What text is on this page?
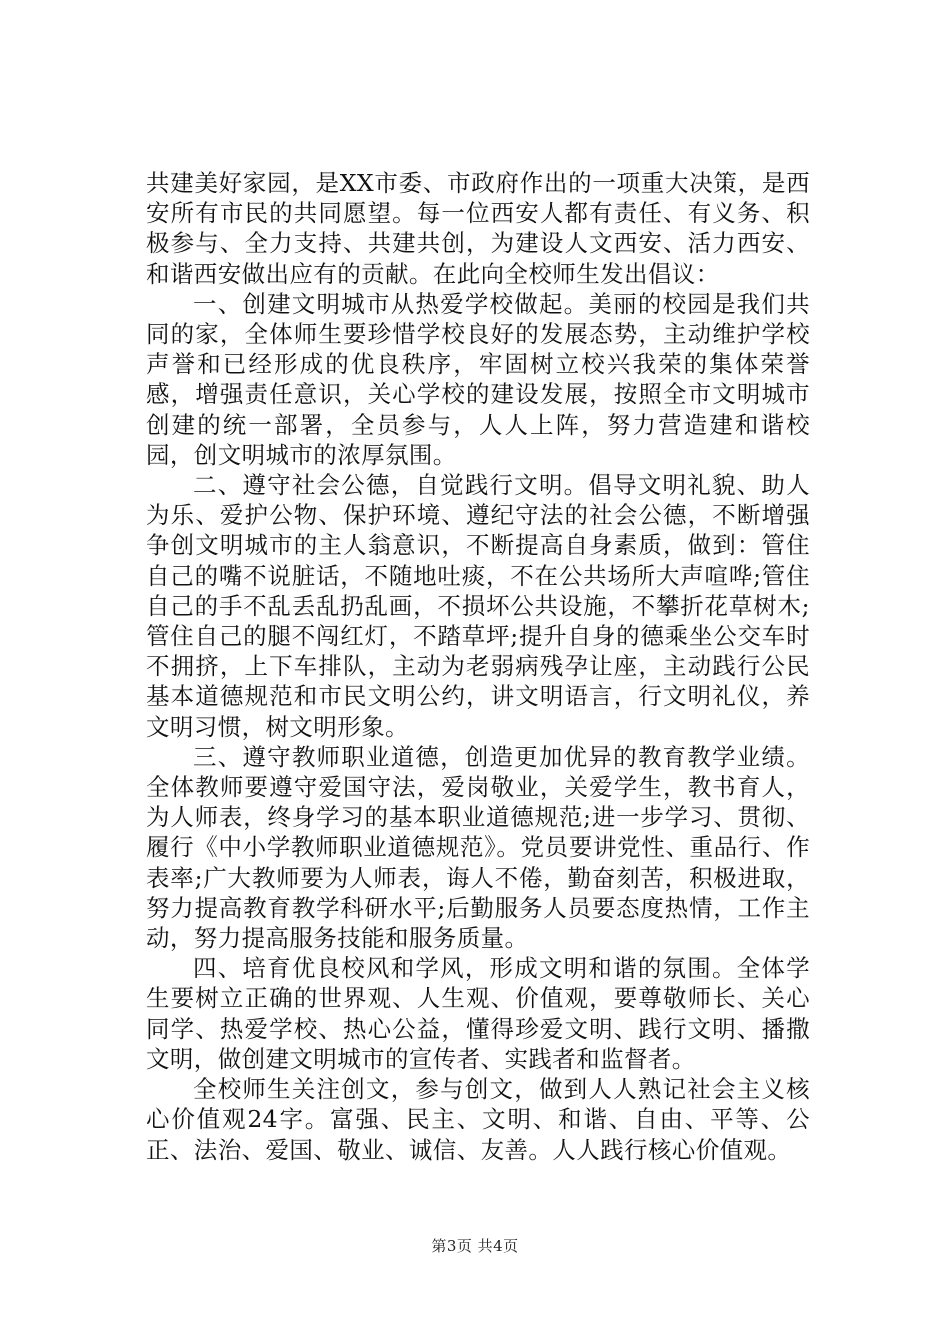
共建美好家园，是XX市委、市政府作出的一项重大决策，是西安所有市民的共同愿望。每一位西安人都有责任、有义务、积极参与、全力支持、共建共创，为建设人文西安、活力西安、和谐西安做出应有的贡献。在此向全校师生发出倡议：

一、创建文明城市从热爱学校做起。美丽的校园是我们共同的家，全体师生要珍惜学校良好的发展态势，主动维护学校声誉和已经形成的优良秩序，牢固树立校兴我荣的集体荣誉感，增强责任意识，关心学校的建设发展，按照全市文明城市创建的统一部署，全员参与，人人上阵，努力营造建和谐校园，创文明城市的浓厚氛围。

二、遵守社会公德，自觉践行文明。倡导文明礼貌、助人为乐、爱护公物、保护环境、遵纪守法的社会公德，不断增强争创文明城市的主人翁意识，不断提高自身素质，做到：管住自己的嘴不说脏话，不随地吐痰，不在公共场所大声喧哗;管住自己的手不乱丢乱扔乱画，不损坏公共设施，不攀折花草树木;管住自己的腿不闯红灯，不踏草坪;提升自身的德乘坐公交车时不拥挤，上下车排队，主动为老弱病残孕让座，主动践行公民基本道德规范和市民文明公约，讲文明语言，行文明礼仪，养文明习惯，树文明形象。

三、遵守教师职业道德，创造更加优异的教育教学业绩。全体教师要遵守爱国守法，爱岗敬业，关爱学生，教书育人，为人师表，终身学习的基本职业道德规范;进一步学习、贯彻、履行《中小学教师职业道德规范》。党员要讲党性、重品行、作表率;广大教师要为人师表，诲人不倦，勤奋刻苦，积极进取，努力提高教育教学科研水平;后勤服务人员要态度热情，工作主动，努力提高服务技能和服务质量。

四、培育优良校风和学风，形成文明和谐的氛围。全体学生要树立正确的世界观、人生观、价值观，要尊敬师长、关心同学、热爱学校、热心公益，懂得珍爱文明、践行文明、播撒文明，做创建文明城市的宣传者、实践者和监督者。

全校师生关注创文，参与创文，做到人人熟记社会主义核心价值观24字。富强、民主、文明、和谐、自由、平等、公正、法治、爱国、敬业、诚信、友善。人人践行核心价值观。

第3页 共4页
